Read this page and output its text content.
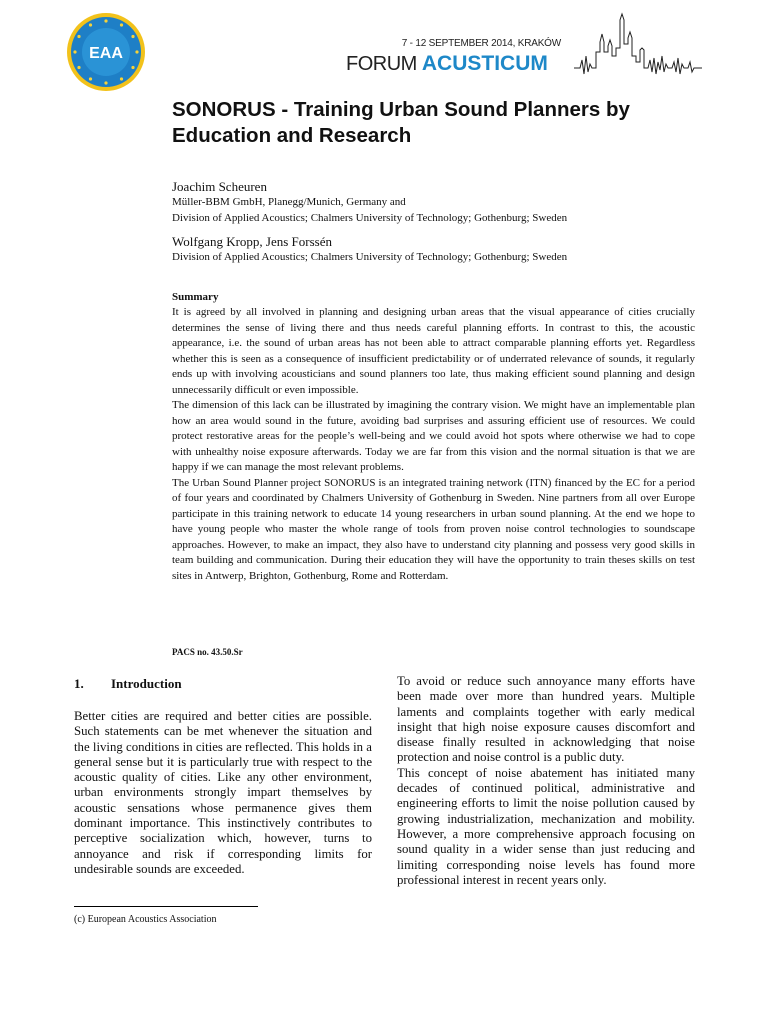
EAA
7 - 12 SEPTEMBER 2014, KRAKÓW
FORUM ACUSTICUM
SONORUS - Training Urban Sound Planners by
Education and Research
Joachim Scheuren
Müller-BBM GmbH, Planegg/Munich, Germany and
Division of Applied Acoustics; Chalmers University of Technology; Gothenburg; Sweden
Wolfgang Kropp, Jens Forssén
Division of Applied Acoustics; Chalmers University of Technology; Gothenburg; Sweden
Summary

It is agreed by all involved in planning and designing urban areas that the visual appearance of cities crucially determines the sense of living there and thus needs careful planning efforts. In contrast to this, the acoustic appearance, i.e. the sound of urban areas has not been able to attract comparable planning efforts yet. Regardless whether this is seen as a consequence of insufficient predictability or of underrated relevance of sounds, it regularly ends up with involving acousticians and sound planners too late, thus making efficient sound planning and design unnecessarily difficult or even impossible.

The dimension of this lack can be illustrated by imagining the contrary vision. We might have an implementable plan how an area would sound in the future, avoiding bad surprises and assuring efficient use of resources. We could protect restorative areas for the people’s well-being and we could avoid hot spots where otherwise we had to cope with unhealthy noise exposure afterwards. Today we are far from this vision and the normal situation is that we are happy if we can manage the most relevant problems.

The Urban Sound Planner project SONORUS is an integrated training network (ITN) financed by the EC for a period of four years and coordinated by Chalmers University of Gothenburg in Sweden. Nine partners from all over Europe participate in this training network to educate 14 young researchers in urban sound planning. At the end we hope to have young people who master the whole range of tools from proven noise control technologies to soundscape approaches. However, to make an impact, they also have to understand city planning and possess very good skills in team building and communication. During their education they will have the opportunity to train theses skills on test sites in Antwerp, Brighton, Gothenburg, Rome and Rotterdam.

PACS no. 43.50.Sr
1. Introduction

Better cities are required and better cities are possible. Such statements can be met whenever the situation and the living conditions in cities are reflected. This holds in a general sense but it is particularly true with respect to the acoustic quality of cities. Like any other environment, urban environments strongly impart themselves by acoustic sensations whose permanence gives them dominant importance. This instinctively contributes to perceptive socialization which, however, turns to annoyance and risk if corresponding limits for undesirable sounds are exceeded.

To avoid or reduce such annoyance many efforts have been made over more than hundred years. Multiple laments and complaints together with early medical insight that high noise exposure causes discomfort and disease finally resulted in acknowledging that noise protection and noise control is a public duty.

This concept of noise abatement has initiated many decades of continued political, administrative and engineering efforts to limit the noise pollution caused by growing industrialization, mechanization and mobility. However, a more comprehensive approach focusing on sound quality in a wider sense than just reducing and limiting corresponding noise levels has found more professional interest in recent years only.

(c) European Acoustics Association
